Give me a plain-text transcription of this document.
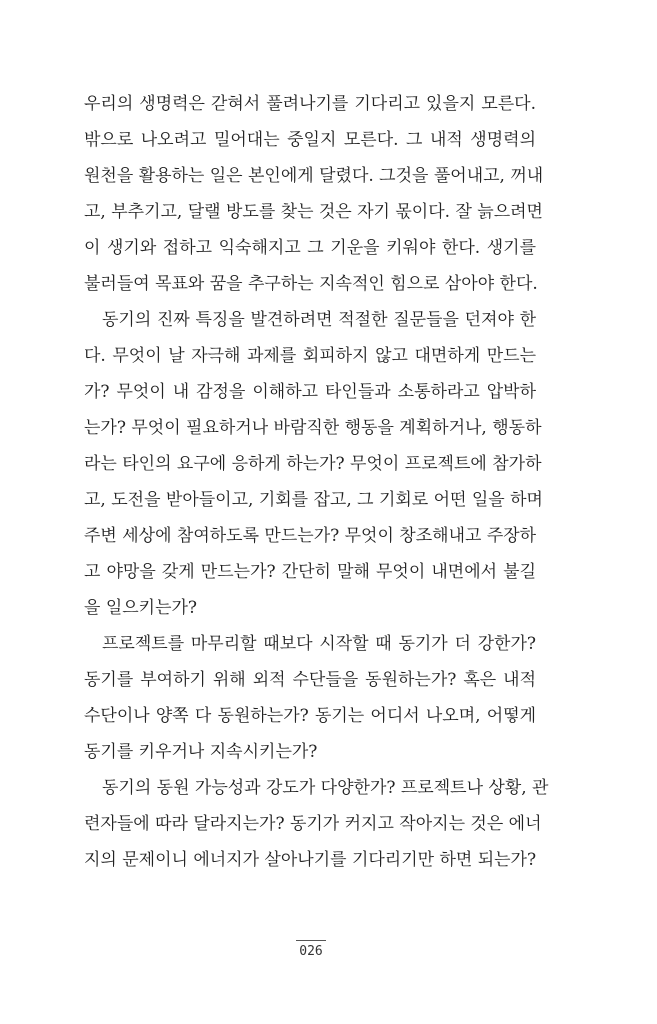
우리의 생명력은 갇혀서 풀려나기를 기다리고 있을지 모른다.
밖으로 나오려고 밀어대는 중일지 모른다. 그 내적 생명력의
원천을 활용하는 일은 본인에게 달렸다. 그것을 풀어내고, 꺼내
고, 부추기고, 달랠 방도를 찾는 것은 자기 몫이다. 잘 늙으려면
이 생기와 접하고 익숙해지고 그 기운을 키워야 한다. 생기를
불러들여 목표와 꿈을 추구하는 지속적인 힘으로 삼아야 한다.
동기의 진짜 특징을 발견하려면 적절한 질문들을 던져야 한
다. 무엇이 날 자극해 과제를 회피하지 않고 대면하게 만드는
가? 무엇이 내 감정을 이해하고 타인들과 소통하라고 압박하
는가? 무엇이 필요하거나 바람직한 행동을 계획하거나, 행동하
라는 타인의 요구에 응하게 하는가? 무엇이 프로젝트에 참가하
고, 도전을 받아들이고, 기회를 잡고, 그 기회로 어떤 일을 하며
주변 세상에 참여하도록 만드는가? 무엇이 창조해내고 주장하
고 야망을 갖게 만드는가? 간단히 말해 무엇이 내면에서 불길
을 일으키는가?
프로젝트를 마무리할 때보다 시작할 때 동기가 더 강한가?
동기를 부여하기 위해 외적 수단들을 동원하는가? 혹은 내적
수단이나 양쪽 다 동원하는가? 동기는 어디서 나오며, 어떻게
동기를 키우거나 지속시키는가?
동기의 동원 가능성과 강도가 다양한가? 프로젝트나 상황, 관
련자들에 따라 달라지는가? 동기가 커지고 작아지는 것은 에너
지의 문제이니 에너지가 살아나기를 기다리기만 하면 되는가?
026
